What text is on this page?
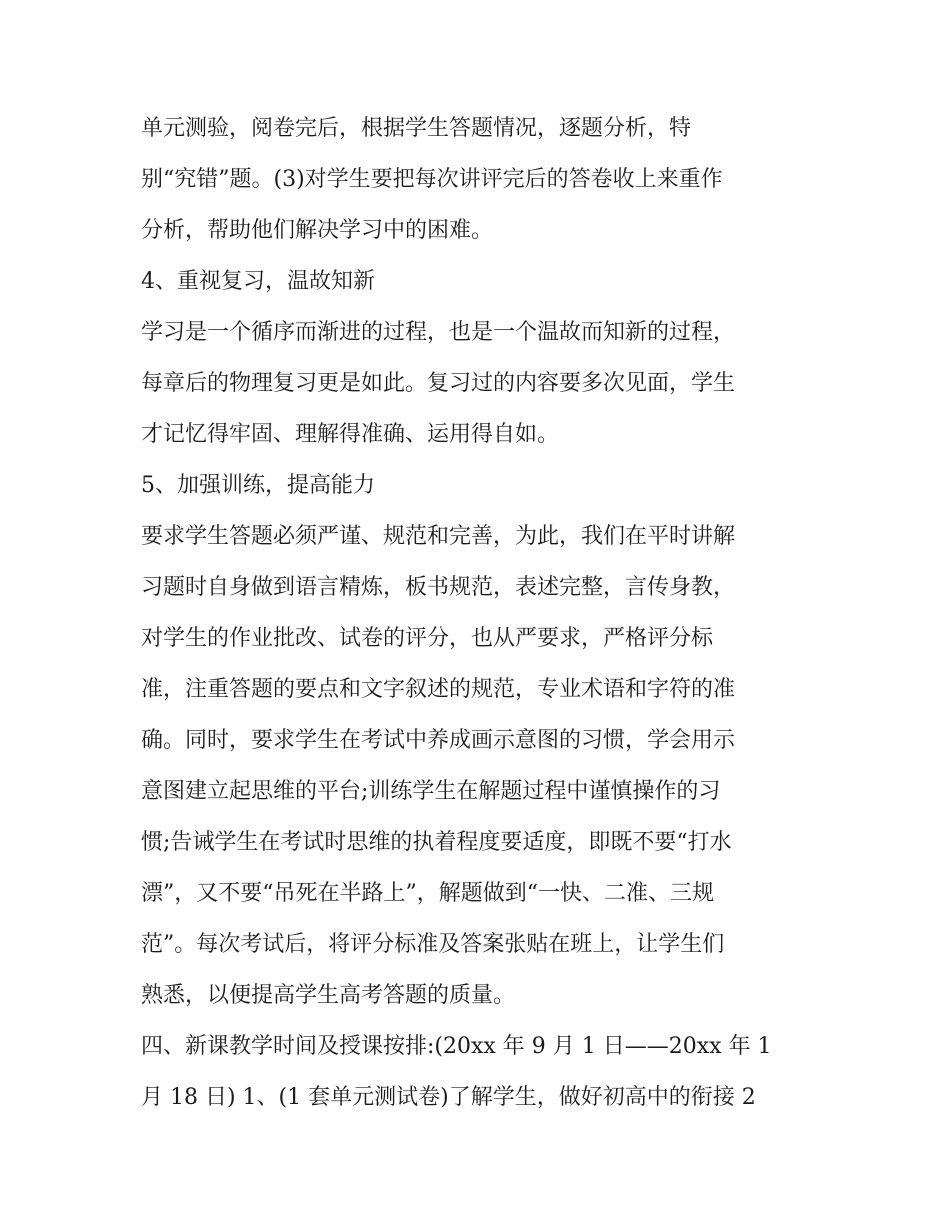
单元测验，阅卷完后，根据学生答题情况，逐题分析，特
别“究错”题。(3)对学生要把每次讲评完后的答卷收上来重作
分析，帮助他们解决学习中的困难。
4、重视复习，温故知新
学习是一个循序而渐进的过程，也是一个温故而知新的过程，
每章后的物理复习更是如此。复习过的内容要多次见面，学生
才记忆得牢固、理解得准确、运用得自如。
5、加强训练，提高能力
要求学生答题必须严谨、规范和完善，为此，我们在平时讲解
习题时自身做到语言精炼，板书规范，表述完整，言传身教，
对学生的作业批改、试卷的评分，也从严要求，严格评分标
准，注重答题的要点和文字叙述的规范，专业术语和字符的准
确。同时，要求学生在考试中养成画示意图的习惯，学会用示
意图建立起思维的平台;训练学生在解题过程中谨慎操作的习
惯;告诫学生在考试时思维的执着程度要适度，即既不要“打水
漂”，又不要“吊死在半路上”，解题做到“一快、二准、三规
范”。每次考试后，将评分标准及答案张贴在班上，让学生们
熟悉，以便提高学生高考答题的质量。
四、新课教学时间及授课按排:(20xx 年 9 月 1 日——20xx 年 1
月 18 日) 1、(1 套单元测试卷)了解学生，做好初高中的衔接 2
